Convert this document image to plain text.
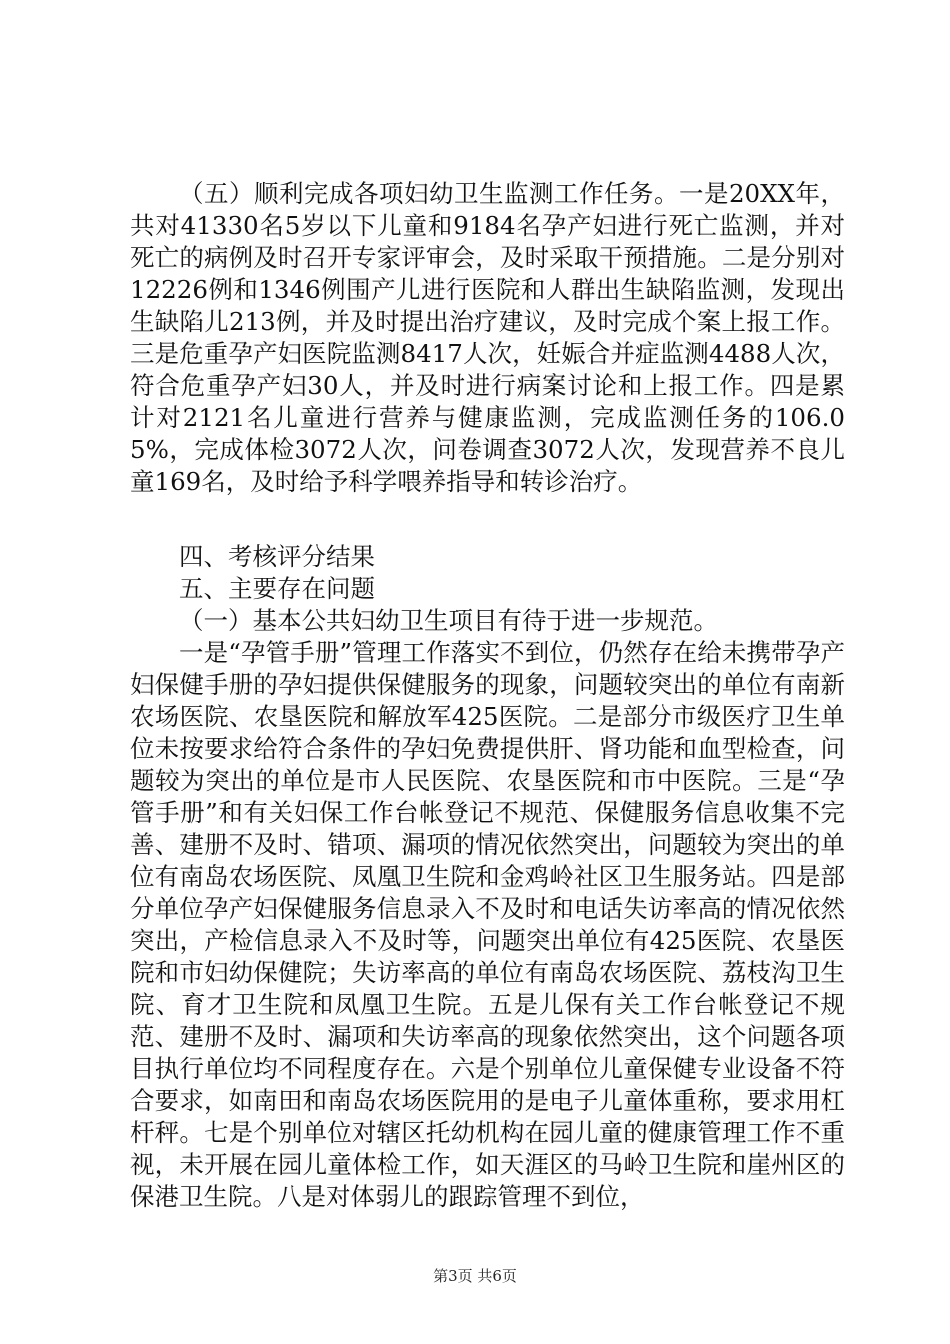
（五）顺利完成各项妇幼卫生监测工作任务。一是20XX年，共对41330名5岁以下儿童和9184名孕产妇进行死亡监测，并对死亡的病例及时召开专家评审会，及时采取干预措施。二是分别对12226例和1346例围产儿进行医院和人群出生缺陷监测，发现出生缺陷儿213例，并及时提出治疗建议，及时完成个案上报工作。三是危重孕产妇医院监测8417人次，妊娠合并症监测4488人次，符合危重孕产妇30人，并及时进行病案讨论和上报工作。四是累计对2121名儿童进行营养与健康监测，完成监测任务的106.05%，完成体检3072人次，问卷调查3072人次，发现营养不良儿童169名，及时给予科学喂养指导和转诊治疗。

四、考核评分结果

五、主要存在问题

（一）基本公共妇幼卫生项目有待于进一步规范。

一是“孕管手册”管理工作落实不到位，仍然存在给未携带孕产妇保健手册的孕妇提供保健服务的现象，问题较突出的单位有南新农场医院、农垦医院和解放军425医院。二是部分市级医疗卫生单位未按要求给符合条件的孕妇免费提供肝、肾功能和血型检查，问题较为突出的单位是市人民医院、农垦医院和市中医院。三是“孕管手册”和有关妇保工作台帐登记不规范、保健服务信息收集不完善、建册不及时、错项、漏项的情况依然突出，问题较为突出的单位有南岛农场医院、凤凰卫生院和金鸡岭社区卫生服务站。四是部分单位孕产妇保健服务信息录入不及时和电话失访率高的情况依然突出，产检信息录入不及时等，问题突出单位有425医院、农垦医院和市妇幼保健院；失访率高的单位有南岛农场医院、荔枝沟卫生院、育才卫生院和凤凰卫生院。五是儿保有关工作台帐登记不规范、建册不及时、漏项和失访率高的现象依然突出，这个问题各项目执行单位均不同程度存在。六是个别单位儿童保健专业设备不符合要求，如南田和南岛农场医院用的是电子儿童体重称，要求用杠杆秤。七是个别单位对辖区托幼机构在园儿童的健康管理工作不重视，未开展在园儿童体检工作，如天涯区的马岭卫生院和崖州区的保港卫生院。八是对体弱儿的跟踪管理不到位，

第3页 共6页
